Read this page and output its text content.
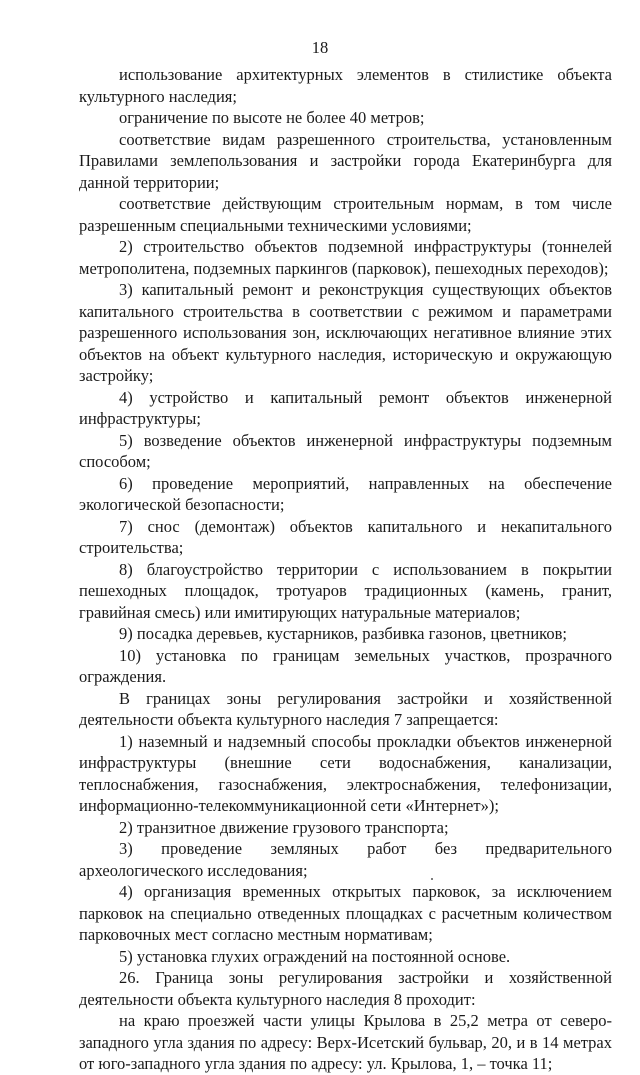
18

использование архитектурных элементов в стилистике объекта культурного наследия;

ограничение по высоте не более 40 метров;

соответствие видам разрешенного строительства, установленным Правилами землепользования и застройки города Екатеринбурга для данной территории;

соответствие действующим строительным нормам, в том числе разрешенным специальными техническими условиями;

2) строительство объектов подземной инфраструктуры (тоннелей метрополитена, подземных паркингов (парковок), пешеходных переходов);

3) капитальный ремонт и реконструкция существующих объектов капитального строительства в соответствии с режимом и параметрами разрешенного использования зон, исключающих негативное влияние этих объектов на объект культурного наследия, историческую и окружающую застройку;

4) устройство и капитальный ремонт объектов инженерной инфраструктуры;

5) возведение объектов инженерной инфраструктуры подземным способом;

6) проведение мероприятий, направленных на обеспечение экологической безопасности;

7) снос (демонтаж) объектов капитального и некапитального строительства;

8) благоустройство территории с использованием в покрытии пешеходных площадок, тротуаров традиционных (камень, гранит, гравийная смесь) или имитирующих натуральные материалов;

9) посадка деревьев, кустарников, разбивка газонов, цветников;

10) установка по границам земельных участков, прозрачного ограждения.

В границах зоны регулирования застройки и хозяйственной деятельности объекта культурного наследия 7 запрещается:

1) наземный и надземный способы прокладки объектов инженерной инфраструктуры (внешние сети водоснабжения, канализации, теплоснабжения, газоснабжения, электроснабжения, телефонизации, информационно-телекоммуникационной сети «Интернет»);

2) транзитное движение грузового транспорта;

3) проведение земляных работ без предварительного археологического исследования;

4) организация временных открытых парковок, за исключением парковок на специально отведенных площадках с расчетным количеством парковочных мест согласно местным нормативам;

5) установка глухих ограждений на постоянной основе.

26. Граница зоны регулирования застройки и хозяйственной деятельности объекта культурного наследия 8 проходит:

на краю проезжей части улицы Крылова в 25,2 метра от северо-западного угла здания по адресу: Верх-Исетский бульвар, 20, и в 14 метрах от юго-западного угла здания по адресу: ул. Крылова, 1, – точка 11;
